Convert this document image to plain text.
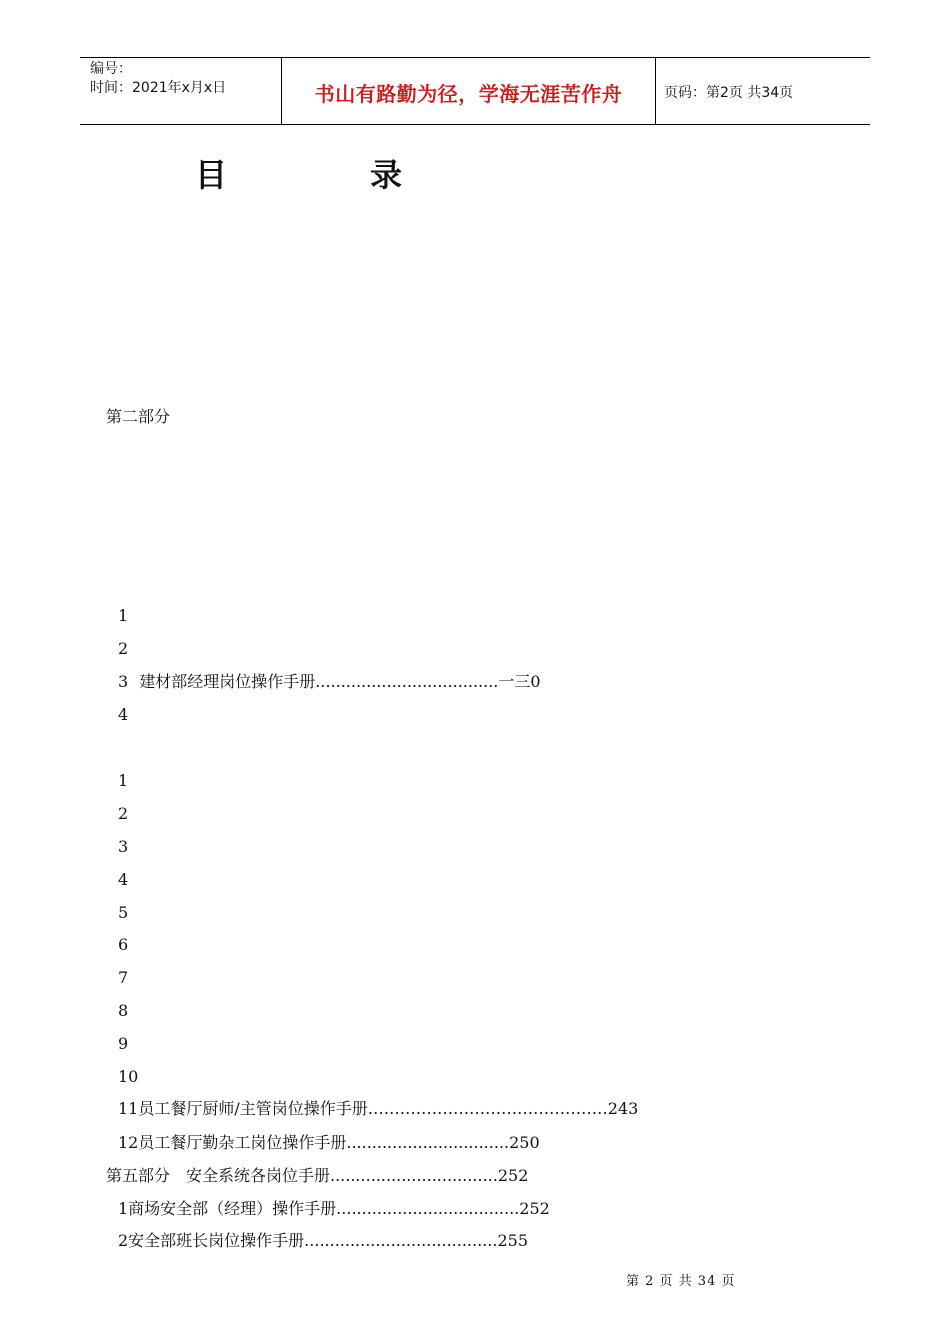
编号：
时间：2021年x月x日	书山有路勤为径，学海无涯苦作舟	页码：第2页 共34页
目	录
第二部分
1
2
3 建材部经理岗位操作手册....................................一三0
4
1
2
3
4
5
6
7
8
9
10
11员工餐厅厨师/主管岗位操作手册………………………………………243
12员工餐厅勤杂工岗位操作手册................................250
第五部分　安全系统各岗位手册.................................252
1商场安全部（经理）操作手册....................................252
2安全部班长岗位操作手册......................................255
第 2 页 共 34 页
